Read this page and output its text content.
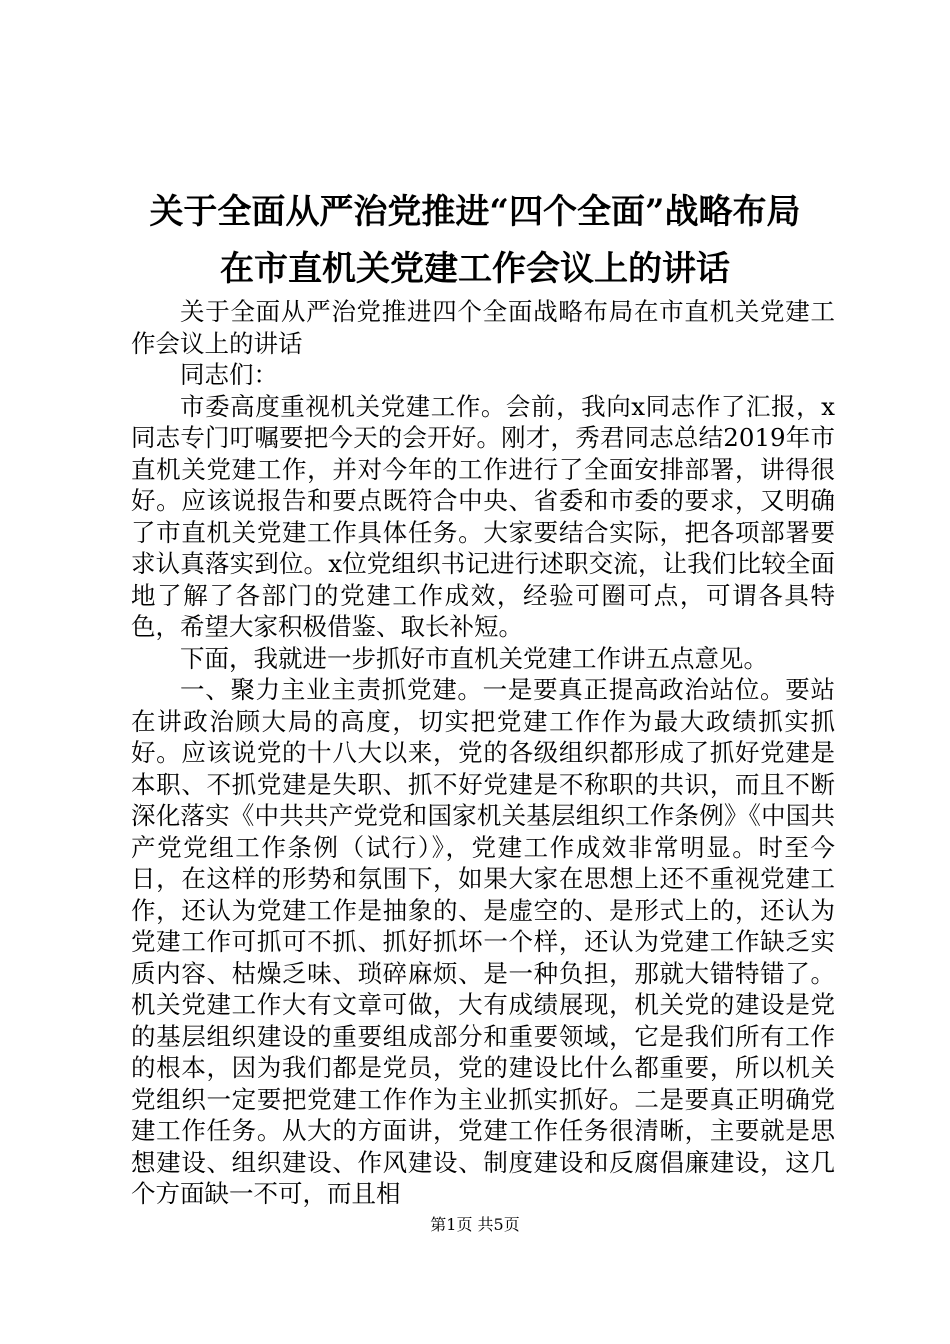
关于全面从严治党推进“四个全面”战略布局
在市直机关党建工作会议上的讲话

关于全面从严治党推进四个全面战略布局在市直机关党建工作会议上的讲话

同志们：

市委高度重视机关党建工作。会前，我向x同志作了汇报，x同志专门叮嘱要把今天的会开好。刚才，秀君同志总结2019年市直机关党建工作，并对今年的工作进行了全面安排部署，讲得很好。应该说报告和要点既符合中央、省委和市委的要求，又明确了市直机关党建工作具体任务。大家要结合实际，把各项部署要求认真落实到位。x位党组织书记进行述职交流，让我们比较全面地了解了各部门的党建工作成效，经验可圈可点，可谓各具特色，希望大家积极借鉴、取长补短。

下面，我就进一步抓好市直机关党建工作讲五点意见。

一、聚力主业主责抓党建。一是要真正提高政治站位。要站在讲政治顾大局的高度，切实把党建工作作为最大政绩抓实抓好。应该说党的十八大以来，党的各级组织都形成了抓好党建是本职、不抓党建是失职、抓不好党建是不称职的共识，而且不断深化落实《中共共产党党和国家机关基层组织工作条例》《中国共产党党组工作条例（试行）》，党建工作成效非常明显。时至今日，在这样的形势和氛围下，如果大家在思想上还不重视党建工作，还认为党建工作是抽象的、是虚空的、是形式上的，还认为党建工作可抓可不抓、抓好抓坏一个样，还认为党建工作缺乏实质内容、枯燥乏味、琐碎麻烦、是一种负担，那就大错特错了。机关党建工作大有文章可做，大有成绩展现，机关党的建设是党的基层组织建设的重要组成部分和重要领域，它是我们所有工作的根本，因为我们都是党员，党的建设比什么都重要，所以机关党组织一定要把党建工作作为主业抓实抓好。二是要真正明确党建工作任务。从大的方面讲，党建工作任务很清晰，主要就是思想建设、组织建设、作风建设、制度建设和反腐倡廉建设，这几个方面缺一不可，而且相

第1页 共5页
